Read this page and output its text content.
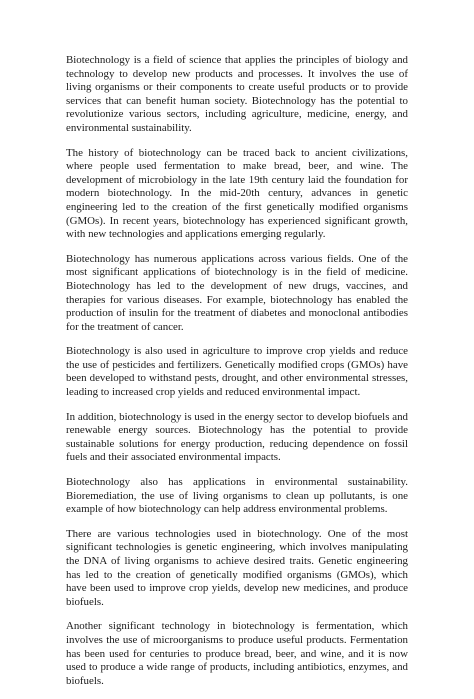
Biotechnology is a field of science that applies the principles of biology and technology to develop new products and processes. It involves the use of living organisms or their components to create useful products or to provide services that can benefit human society. Biotechnology has the potential to revolutionize various sectors, including agriculture, medicine, energy, and environmental sustainability.

The history of biotechnology can be traced back to ancient civilizations, where people used fermentation to make bread, beer, and wine. The development of microbiology in the late 19th century laid the foundation for modern biotechnology. In the mid-20th century, advances in genetic engineering led to the creation of the first genetically modified organisms (GMOs). In recent years, biotechnology has experienced significant growth, with new technologies and applications emerging regularly.

Biotechnology has numerous applications across various fields. One of the most significant applications of biotechnology is in the field of medicine. Biotechnology has led to the development of new drugs, vaccines, and therapies for various diseases. For example, biotechnology has enabled the production of insulin for the treatment of diabetes and monoclonal antibodies for the treatment of cancer.

Biotechnology is also used in agriculture to improve crop yields and reduce the use of pesticides and fertilizers. Genetically modified crops (GMOs) have been developed to withstand pests, drought, and other environmental stresses, leading to increased crop yields and reduced environmental impact.

In addition, biotechnology is used in the energy sector to develop biofuels and renewable energy sources. Biotechnology has the potential to provide sustainable solutions for energy production, reducing dependence on fossil fuels and their associated environmental impacts.

Biotechnology also has applications in environmental sustainability. Bioremediation, the use of living organisms to clean up pollutants, is one example of how biotechnology can help address environmental problems.

There are various technologies used in biotechnology. One of the most significant technologies is genetic engineering, which involves manipulating the DNA of living organisms to achieve desired traits. Genetic engineering has led to the creation of genetically modified organisms (GMOs), which have been used to improve crop yields, develop new medicines, and produce biofuels.

Another significant technology in biotechnology is fermentation, which involves the use of microorganisms to produce useful products. Fermentation has been used for centuries to produce bread, beer, and wine, and it is now used to produce a wide range of products, including antibiotics, enzymes, and biofuels.
